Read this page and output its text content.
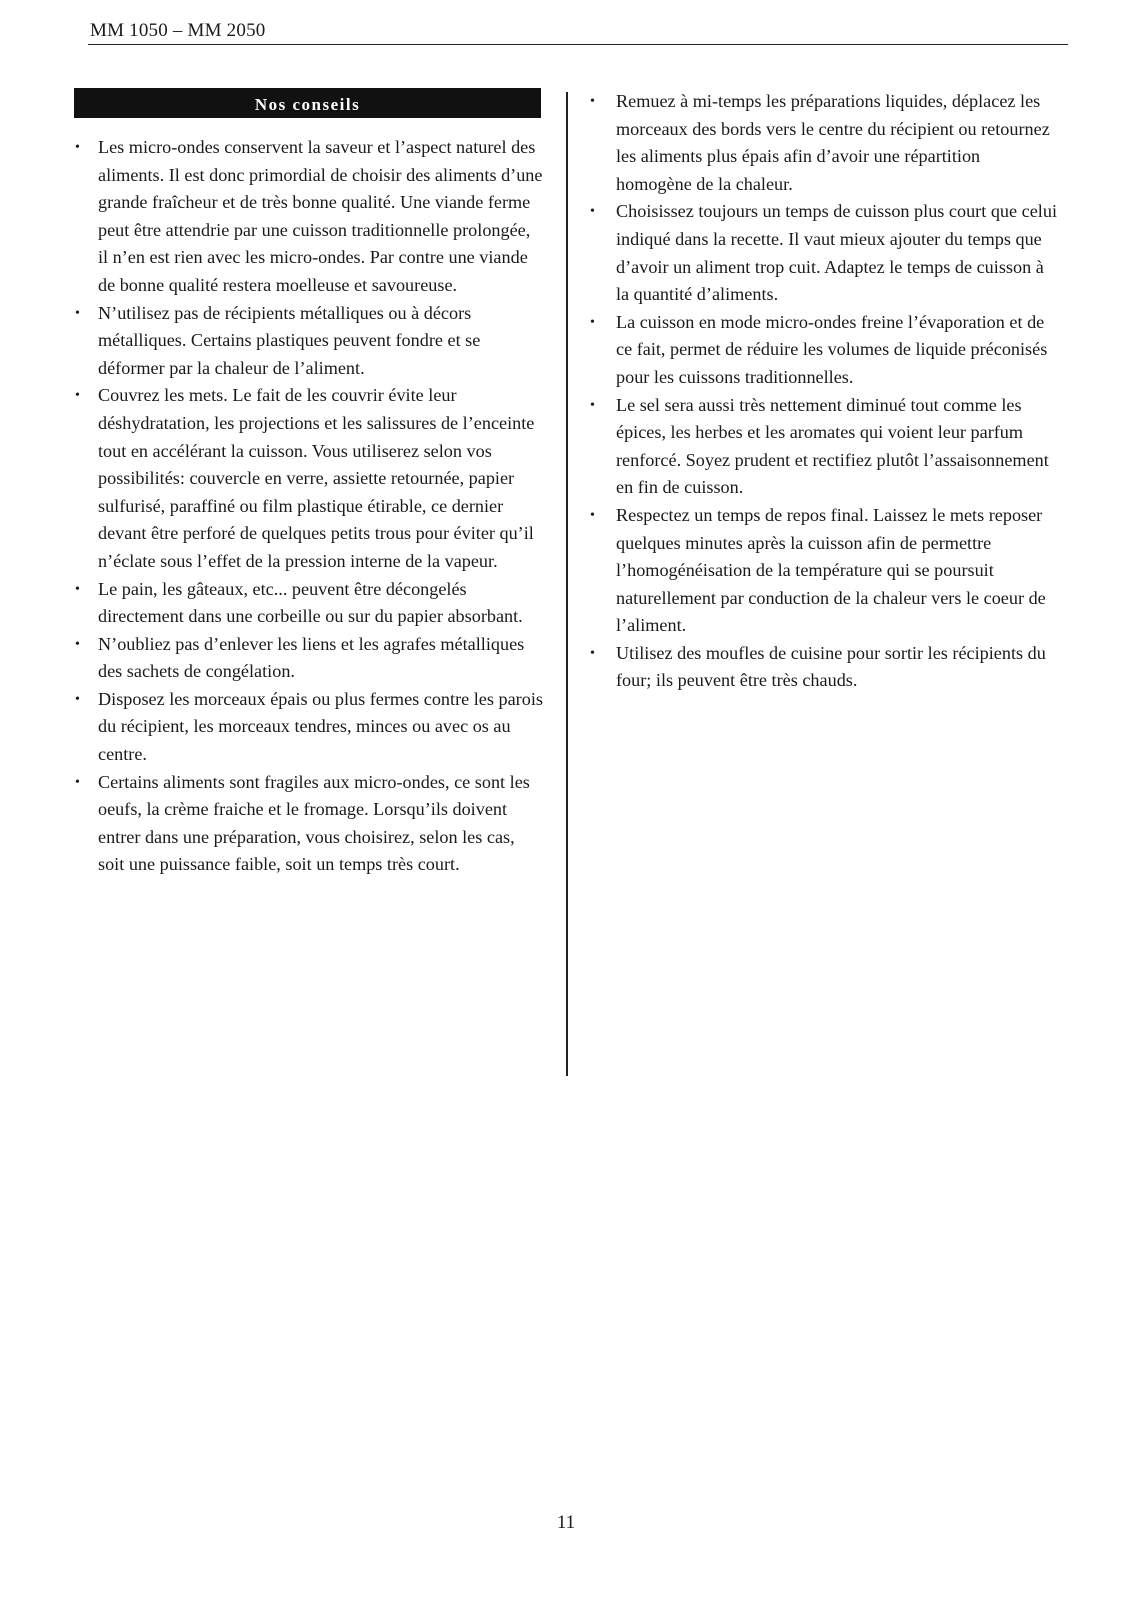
MM 1050 – MM 2050
Nos conseils
• Les micro-ondes conservent la saveur et l’aspect naturel des aliments. Il est donc primordial de choisir des aliments d’une grande fraîcheur et de très bonne qualité. Une viande ferme peut être attendrie par une cuisson traditionnelle prolongée, il n’en est rien avec les micro-ondes. Par contre une viande de bonne qualité restera moelleuse et savoureuse.
• N’utilisez pas de récipients métalliques ou à décors métalliques. Certains plastiques peuvent fondre et se déformer par la chaleur de l’aliment.
• Couvrez les mets. Le fait de les couvrir évite leur déshydratation, les projections et les salissures de l’enceinte tout en accélérant la cuisson. Vous utiliserez selon vos possibilités: couvercle en verre, assiette retournée, papier sulfurisé, paraffiné ou film plastique étirable, ce dernier devant être perforé de quelques petits trous pour éviter qu’il n’éclate sous l’effet de la pression interne de la vapeur.
• Le pain, les gâteaux, etc... peuvent être décongelés directement dans une corbeille ou sur du papier absorbant.
• N’oubliez pas d’enlever les liens et les agrafes métalliques des sachets de congélation.
• Disposez les morceaux épais ou plus fermes contre les parois du récipient, les morceaux tendres, minces ou avec os au centre.
• Certains aliments sont fragiles aux micro-ondes, ce sont les oeufs, la crème fraiche et le fromage. Lorsqu’ils doivent entrer dans une préparation, vous choisirez, selon les cas, soit une puissance faible, soit un temps très court.
• Remuez à mi-temps les préparations liquides, déplacez les morceaux des bords vers le centre du récipient ou retournez les aliments plus épais afin d’avoir une répartition homogène de la chaleur.
• Choisissez toujours un temps de cuisson plus court que celui indiqué dans la recette. Il vaut mieux ajouter du temps que d’avoir un aliment trop cuit. Adaptez le temps de cuisson à la quantité d’aliments.
• La cuisson en mode micro-ondes freine l’évaporation et de ce fait, permet de réduire les volumes de liquide préconisés pour les cuissons traditionnelles.
• Le sel sera aussi très nettement diminué tout comme les épices, les herbes et les aromates qui voient leur parfum renforcé. Soyez prudent et rectifiez plutôt l’assaisonnement en fin de cuisson.
• Respectez un temps de repos final. Laissez le mets reposer quelques minutes après la cuisson afin de permettre l’homogénéisation de la température qui se poursuit naturellement par conduction de la chaleur vers le coeur de l’aliment.
• Utilisez des moufles de cuisine pour sortir les récipients du four; ils peuvent être très chauds.
11
